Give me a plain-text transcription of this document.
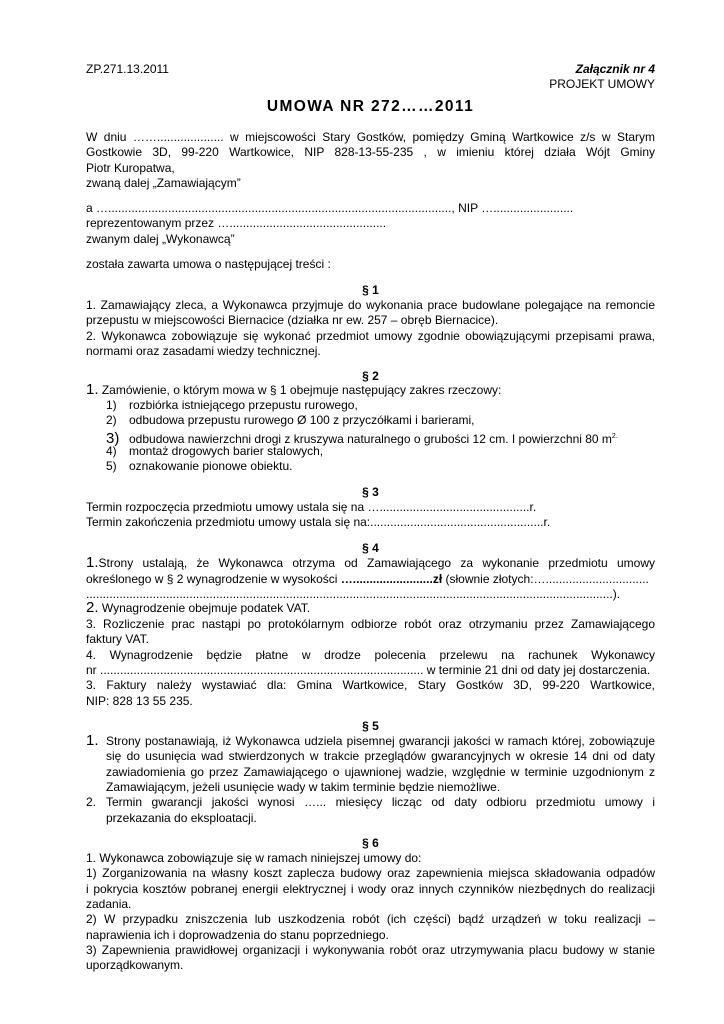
ZP.271.13.2011	Załącznik nr 4
PROJEKT UMOWY
UMOWA NR 272……2011
W dniu …….................... w miejscowości Stary Gostków, pomiędzy Gminą Wartkowice z/s w Starym
Gostkowie 3D, 99-220 Wartkowice, NIP 828-13-55-235 , w imieniu której działa Wójt Gminy
Piotr Kuropatwa,
zwaną dalej „Zamawiającym”
a …......................................................................................................., NIP …........................
reprezentowanym przez …...............................................
zwanym dalej „Wykonawcą”
została zawarta umowa o następującej treści :
§ 1
1. Zamawiający zleca, a Wykonawca przyjmuje do wykonania prace budowlane polegające na remoncie
przepustu w miejscowości Biernacice (działka nr ew. 257 – obręb Biernacice).
2. Wykonawca zobowiązuje się wykonać przedmiot umowy zgodnie obowiązującymi przepisami prawa,
normami oraz zasadami wiedzy technicznej.
§ 2
1. Zamówienie, o którym mowa w § 1 obejmuje następujący zakres rzeczowy:
1) rozbiórka istniejącego przepustu rurowego,
2) odbudowa przepustu rurowego Ø 100 z przyczółkami i barierami,
3) odbudowa nawierzchni drogi z kruszywa naturalnego o grubości 12 cm. I powierzchni 80 $m^{2.}$
4) montaż drogowych barier stalowych,
5) oznakowanie pionowe obiektu.
§ 3
Termin rozpoczęcia przedmiotu umowy ustala się na ….............................................r.
Termin zakończenia przedmiotu umowy ustala się na:....................................................r.
§ 4
1.Strony ustalają, że Wykonawca otrzyma od Zamawiającego za wykonanie przedmiotu umowy
określonego w § 2 wynagrodzenie w wysokości …........................zł (słownie złotych:…...............................
..............................................................................................................................................................).
2. Wynagrodzenie obejmuje podatek VAT.
3. Rozliczenie prac nastąpi po protokólarnym odbiorze robót oraz otrzymaniu przez Zamawiającego
faktury VAT.
4. Wynagrodzenie będzie płatne w drodze polecenia przelewu na rachunek Wykonawcy
nr ................................................................................................. w terminie 21 dni od daty jej dostarczenia.
3. Faktury należy wystawiać dla: Gmina Wartkowice, Stary Gostków 3D, 99-220 Wartkowice,
NIP: 828 13 55 235.
§ 5
1. Strony postanawiają, iż Wykonawca udziela pisemnej gwarancji jakości w ramach której, zobowiązuje
się do usunięcia wad stwierdzonych w trakcie przeglądów gwarancyjnych w okresie 14 dni od daty
zawiadomienia go przez Zamawiającego o ujawnionej wadzie, względnie w terminie uzgodnionym z
Zamawiającym, jeżeli usunięcie wady w takim terminie będzie niemożliwe.
2. Termin gwarancji jakości wynosi …... miesięcy licząc od daty odbioru przedmiotu umowy i
przekazania do eksploatacji.
§ 6
1. Wykonawca zobowiązuje się w ramach niniejszej umowy do:
1) Zorganizowania na własny koszt zaplecza budowy oraz zapewnienia miejsca składowania odpadów
i pokrycia kosztów pobranej energii elektrycznej i wody oraz innych czynników niezbędnych do realizacji
zadania.
2) W przypadku zniszczenia lub uszkodzenia robót (ich części) bądź urządzeń w toku realizacji –
naprawienia ich i doprowadzenia do stanu poprzedniego.
3) Zapewnienia prawidłowej organizacji i wykonywania robót oraz utrzymywania placu budowy w stanie
uporządkowanym.
